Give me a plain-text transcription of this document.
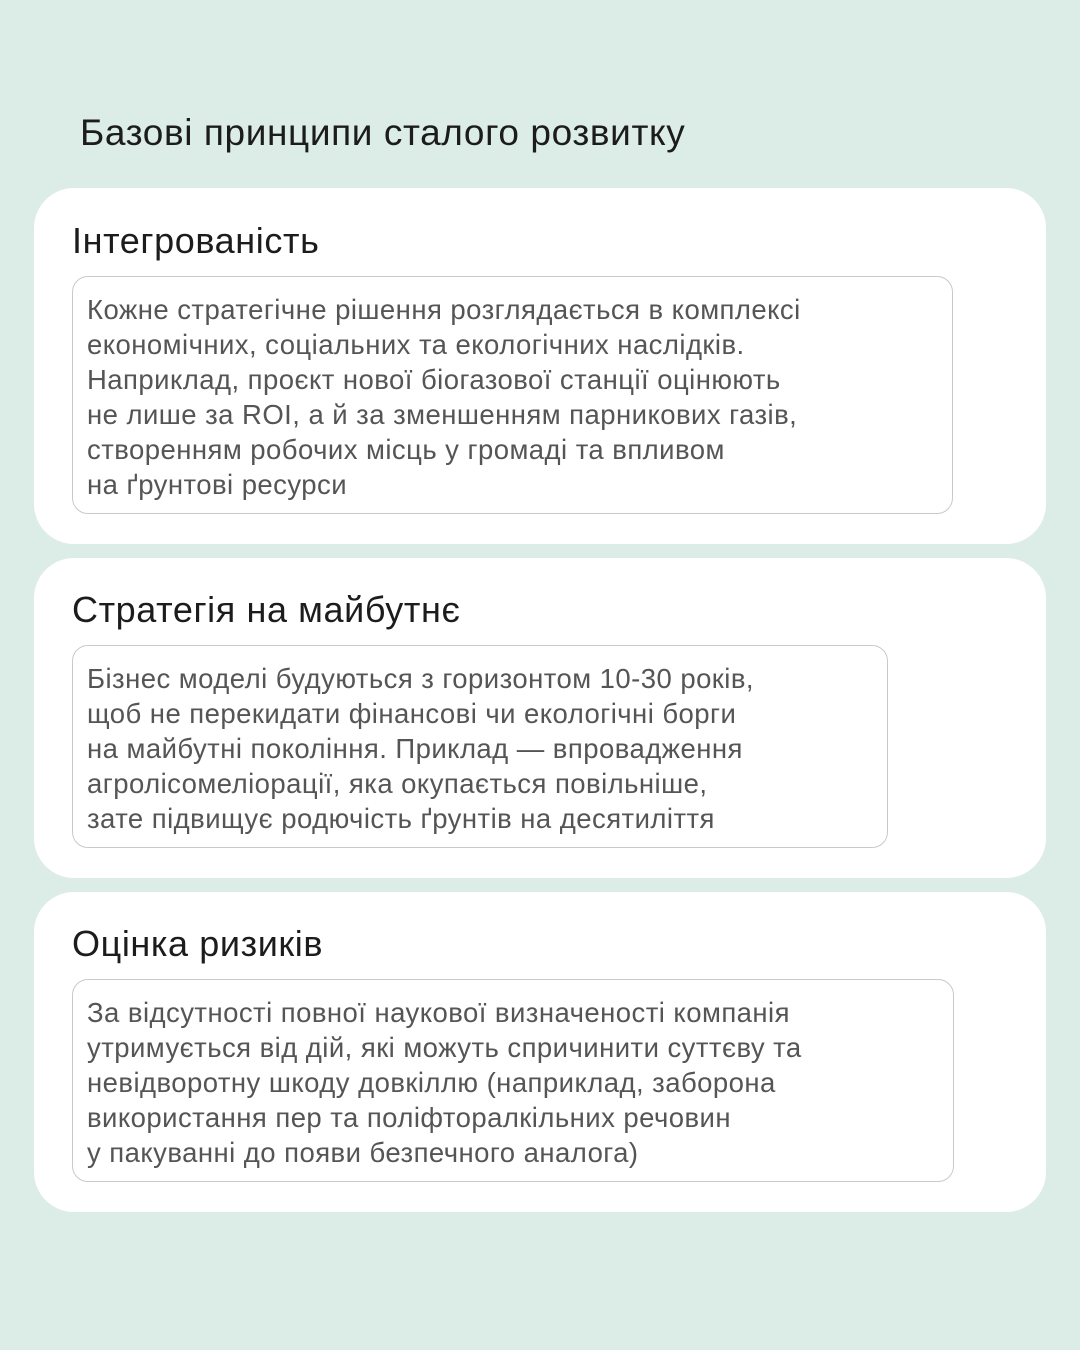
Базові принципи сталого розвитку
Інтегрованість

Кожне стратегічне рішення розглядається в комплексі
економічних, соціальних та екологічних наслідків.
Наприклад, проєкт нової біогазової станції оцінюють
не лише за ROI, а й за зменшенням парникових газів,
створенням робочих місць у громаді та впливом
на ґрунтові ресурси

Стратегія на майбутнє

Бізнес моделі будуються з горизонтом 10-30 років,
щоб не перекидати фінансові чи екологічні борги
на майбутні покоління. Приклад — впровадження
агролісомеліорації, яка окупається повільніше,
зате підвищує родючість ґрунтів на десятиліття

Оцінка ризиків

За відсутності повної наукової визначеності компанія
утримується від дій, які можуть спричинити суттєву та
невідворотну шкоду довкіллю (наприклад, заборона
використання пер та поліфторалкільних речовин
у пакуванні до появи безпечного аналога)
